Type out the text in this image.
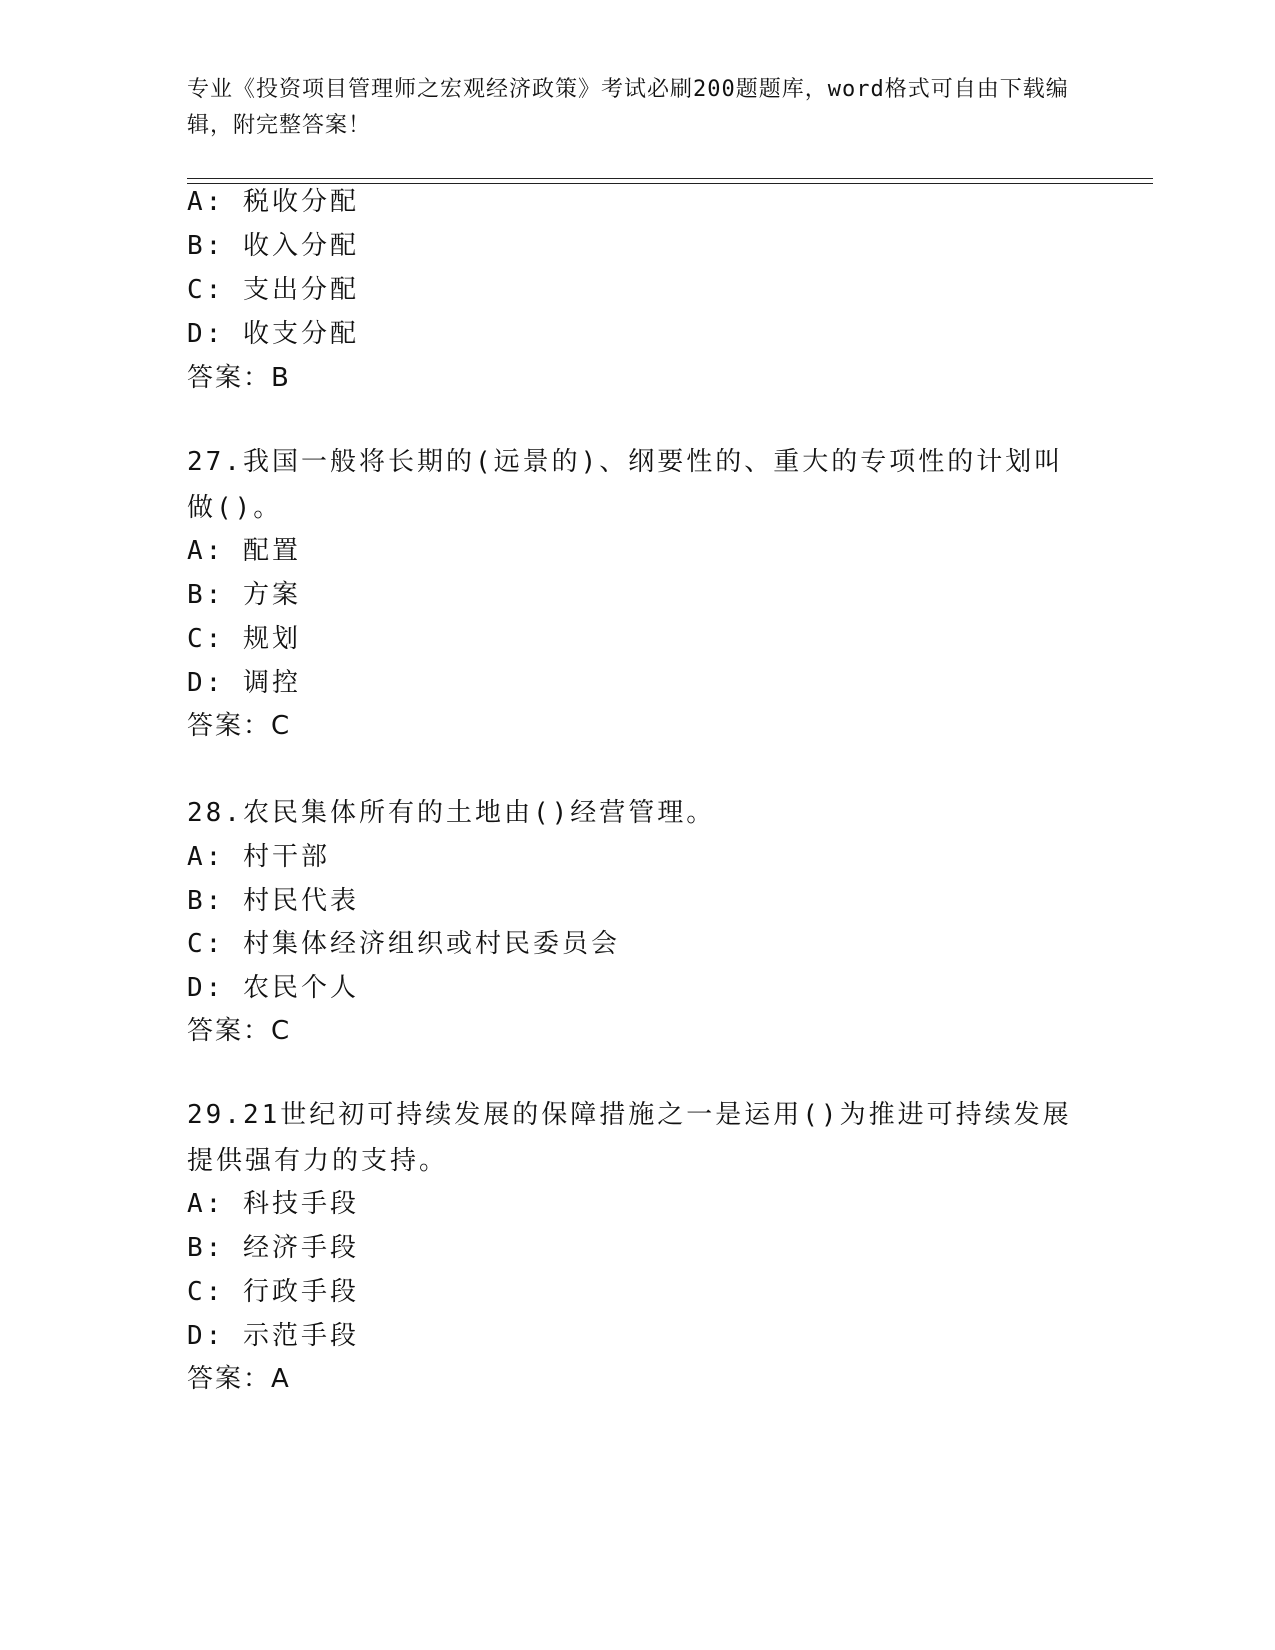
专业《投资项目管理师之宏观经济政策》考试必刷200题题库，word格式可自由下载编辑，附完整答案！
A: 税收分配
B: 收入分配
C: 支出分配
D: 收支分配
答案：B
27.我国一般将长期的(远景的)、纲要性的、重大的专项性的计划叫做()。
A: 配置
B: 方案
C: 规划
D: 调控
答案：C
28.农民集体所有的土地由()经营管理。
A: 村干部
B: 村民代表
C: 村集体经济组织或村民委员会
D: 农民个人
答案：C
29.21世纪初可持续发展的保障措施之一是运用()为推进可持续发展提供强有力的支持。
A: 科技手段
B: 经济手段
C: 行政手段
D: 示范手段
答案：A
